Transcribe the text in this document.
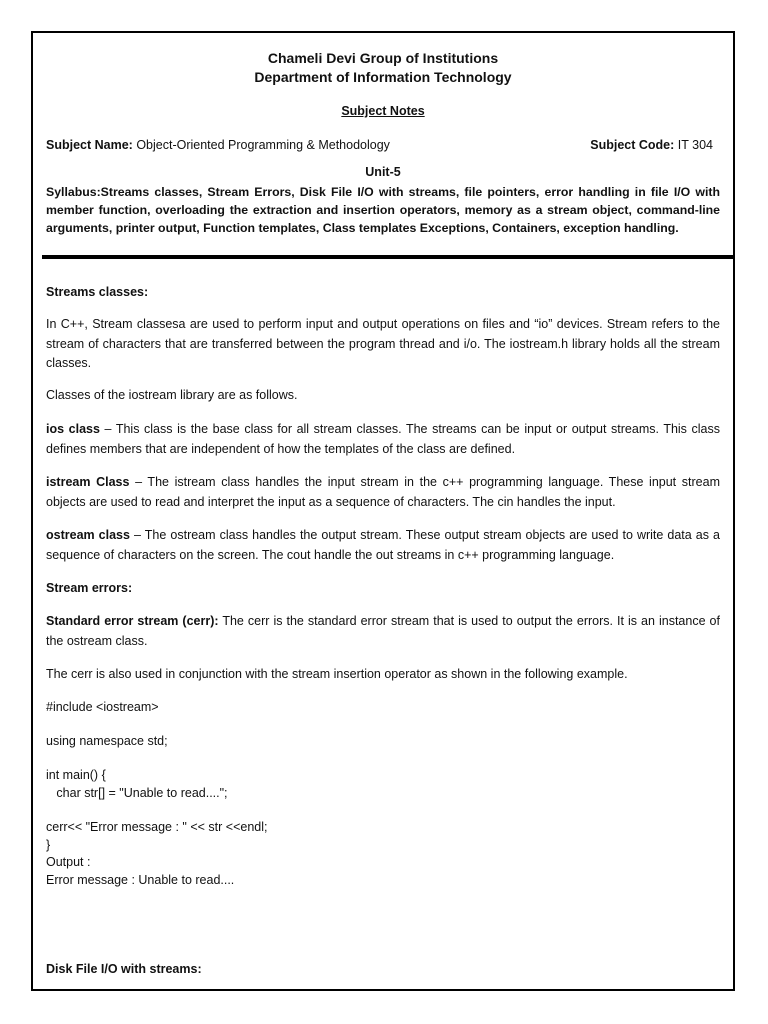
Chameli Devi Group of Institutions
Department of Information Technology
Subject Notes
Subject Name: Object-Oriented Programming & Methodology	Subject Code: IT 304
Unit-5
Syllabus:Streams classes, Stream Errors, Disk File I/O with streams, file pointers, error handling in file I/O with member function, overloading the extraction and insertion operators, memory as a stream object, command-line arguments, printer output, Function templates, Class templates Exceptions, Containers, exception handling.
Streams classes:
In C++, Stream classesa are used to perform input and output operations on files and “io” devices. Stream refers to the stream of characters that are transferred between the program thread and i/o. The iostream.h library holds all the stream classes.
Classes of the iostream library are as follows.
ios class – This class is the base class for all stream classes. The streams can be input or output streams. This class defines members that are independent of how the templates of the class are defined.
istream Class – The istream class handles the input stream in the c++ programming language. These input stream objects are used to read and interpret the input as a sequence of characters. The cin handles the input.
ostream class – The ostream class handles the output stream. These output stream objects are used to write data as a sequence of characters on the screen. The cout handle the out streams in c++ programming language.
Stream errors:
Standard error stream (cerr): The cerr is the standard error stream that is used to output the errors. It is an instance of the ostream class.
The cerr is also used in conjunction with the stream insertion operator as shown in the following example.
#include <iostream>
using namespace std;
int main() {
char str[] = "Unable to read....";
cerr<< "Error message : " << str <<endl;
}
Output :
Error message : Unable to read....
Disk File I/O with streams:
